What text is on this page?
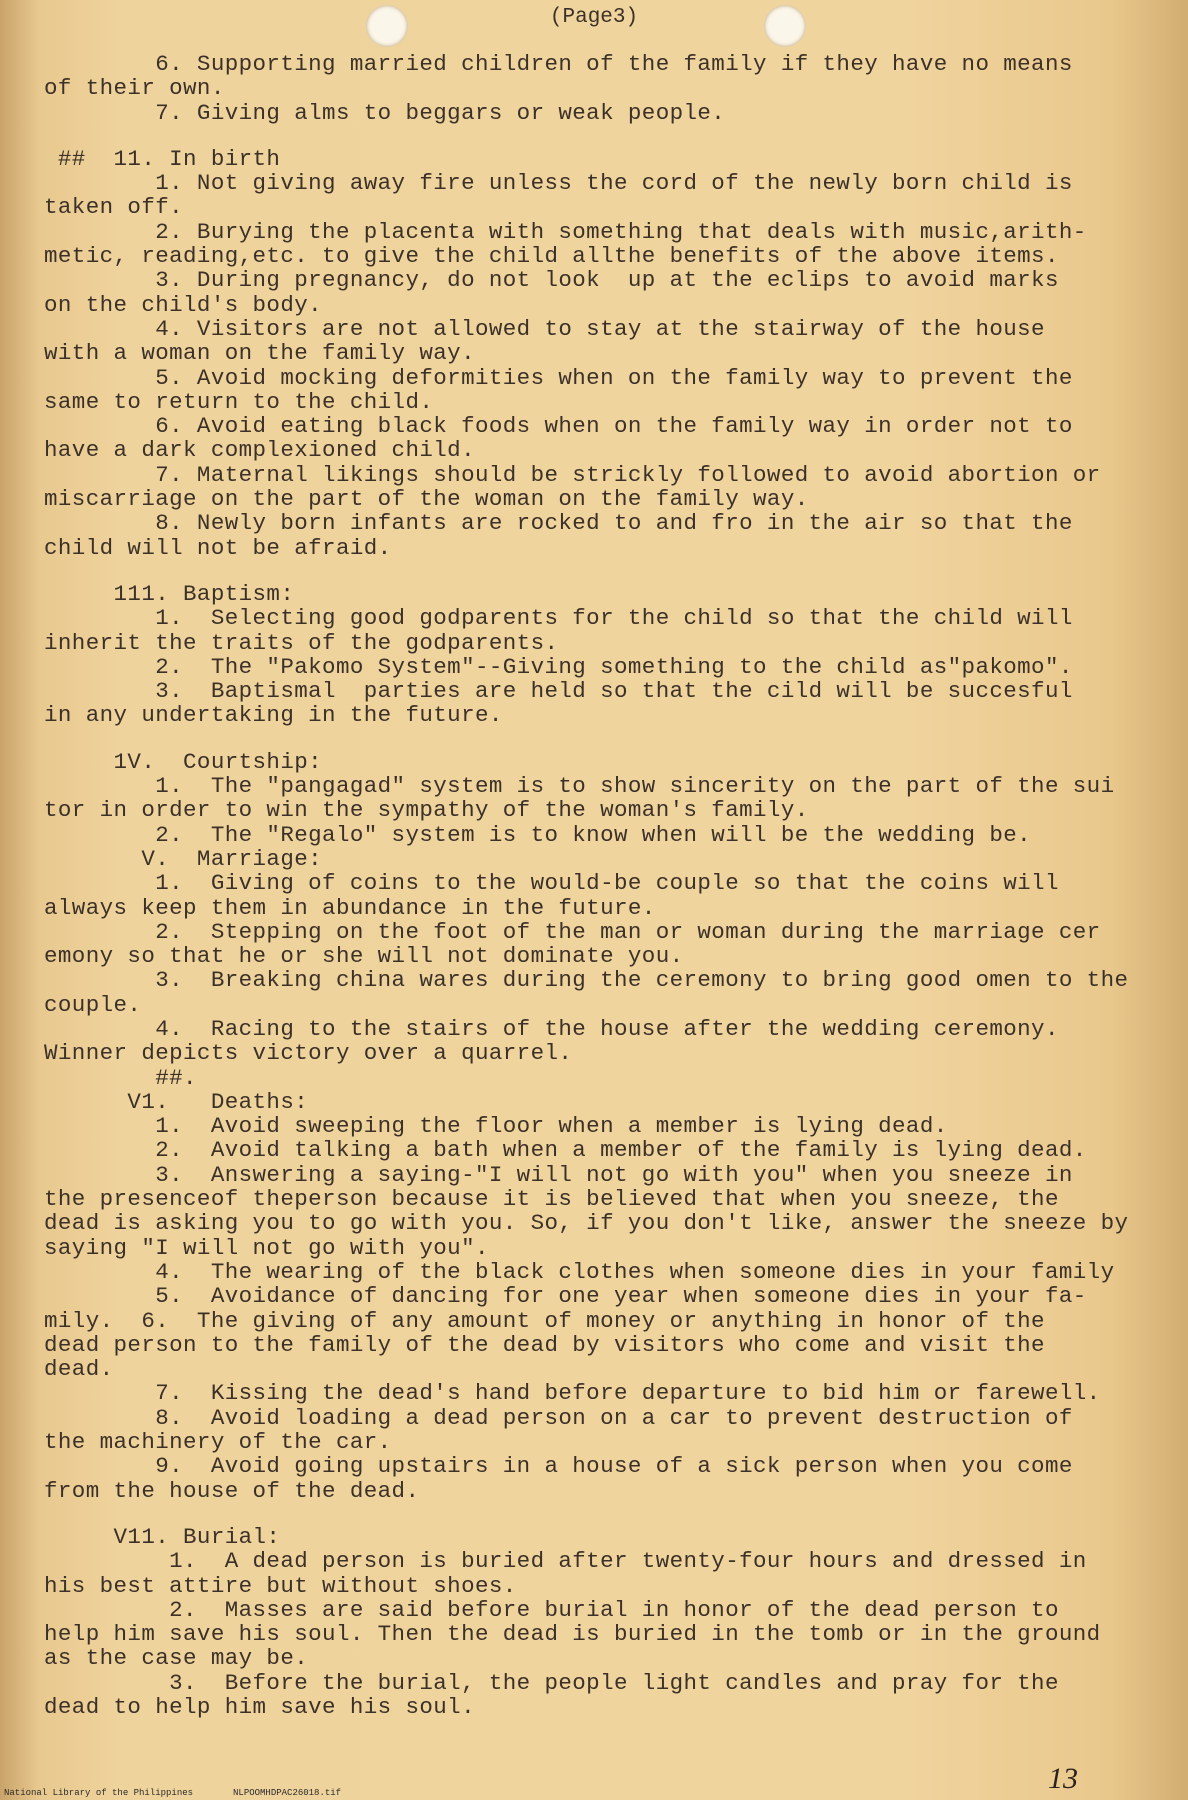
(Page3)
6. Supporting married children of the family if they have no means
of their own.
7. Giving alms to beggars or weak people.
##  11. In birth
1. Not giving away fire unless the cord of the newly born child is
taken off.
2. Burying the placenta with something that deals with music,arith-
metic, reading,etc. to give the child allthe benefits of the above items.
3. During pregnancy, do not look  up at the eclips to avoid marks
on the child's body.
4. Visitors are not allowed to stay at the stairway of the house
with a woman on the family way.
5. Avoid mocking deformities when on the family way to prevent the
same to return to the child.
6. Avoid eating black foods when on the family way in order not to
have a dark complexioned child.
7. Maternal likings should be strickly followed to avoid abortion or
miscarriage on the part of the woman on the family way.
8. Newly born infants are rocked to and fro in the air so that the
child will not be afraid.
111. Baptism:
1.  Selecting good godparents for the child so that the child will
inherit the traits of the godparents.
2.  The "Pakomo System"--Giving something to the child as"pakomo".
3.  Baptismal  parties are held so that the cild will be succesful
in any undertaking in the future.
1V.  Courtship:
1.  The "pangagad" system is to show sincerity on the part of the sui
tor in order to win the sympathy of the woman's family.
2.  The "Regalo" system is to know when will be the wedding be.
V.  Marriage:
1.  Giving of coins to the would-be couple so that the coins will
always keep them in abundance in the future.
2.  Stepping on the foot of the man or woman during the marriage cer
emony so that he or she will not dominate you.
3.  Breaking china wares during the ceremony to bring good omen to the
couple.
4.  Racing to the stairs of the house after the wedding ceremony.
Winner depicts victory over a quarrel.
##.
V1.   Deaths:
1.  Avoid sweeping the floor when a member is lying dead.
2.  Avoid talking a bath when a member of the family is lying dead.
3.  Answering a saying-"I will not go with you" when you sneeze in
the presenceof theperson because it is believed that when you sneeze, the
dead is asking you to go with you. So, if you don't like, answer the sneeze by
saying "I will not go with you".
4.  The wearing of the black clothes when someone dies in your family
5.  Avoidance of dancing for one year when someone dies in your fa-
mily.  6.  The giving of any amount of money or anything in honor of the
dead person to the family of the dead by visitors who come and visit the
dead.
7.  Kissing the dead's hand before departure to bid him or farewell.
8.  Avoid loading a dead person on a car to prevent destruction of
the machinery of the car.
9.  Avoid going upstairs in a house of a sick person when you come
from the house of the dead.
V11. Burial:
1.  A dead person is buried after twenty-four hours and dressed in
his best attire but without shoes.
2.  Masses are said before burial in honor of the dead person to
help him save his soul. Then the dead is buried in the tomb or in the ground
as the case may be.
3.  Before the burial, the people light candles and pray for the
dead to help him save his soul.
13
National Library of the Philippines	NLPOOMHDPAC26018.tif
